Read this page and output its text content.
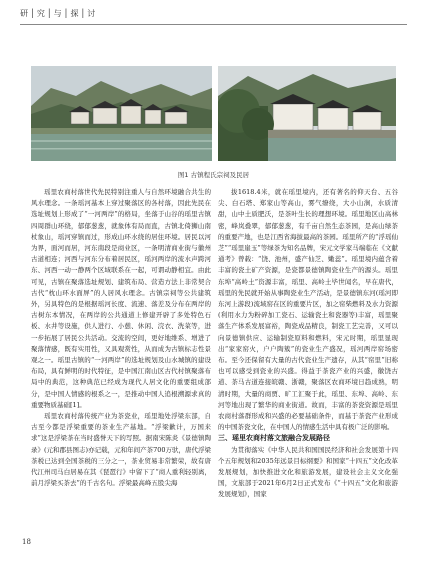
研│究│与│探│讨
图1 古镇程氏宗祠及民居

瑶里农商村落世代先民特别注重人与自然环境融合共生的风水理念。一条瑶河基本上穿过聚落区的各村落，因此先民在选址规划上形成了“一河两岸”的格局，坐落于山谷的瑶里古镇四周群山环绕，郁郁葱葱，就象体有局而直，古镇北倚狮山南杖象山，瑶河穿镇而过，形成山环水绕的居住环境。居民以河为界，面河而居，河东南段是商业区，一条明清商业街与徽州古道相连；河西与河东分布着居民区，瑶河两岸的流水声跨河东、河西一动一静两个区域联系在一起，可谓动静相宜。由此可见，古镇在聚落选址规划、建筑布局、营造方法上非常契合古代“枕山环水面屏”的人居风水理念。古镇宗祠等公共建筑外，另具特色的是根据瑶河长度、流速、落差及分布在两岸的古树东本情况，在两岸的公共通道上修建开辟了多处特色石板、水井等设施，供人进行、小憩、休闲、浣衣、洗菜等，进一步拓展了居民公共活动。交流的空间，更好地维系、增进了聚落情感，既有实用性，又具观赏性，从而成为古镇标志性景观之一。瑶里古镇的“一河两岸”的选址规划及山水城镇的建设布局，具有鲜明的时代特征，是中国江南山区古代村镇聚落布局中的典范，这种典范已经成为现代人居文化的重要组成部分，是中国人情感的根系之一，是推动中国人追根溯源求真的重要物质基础[1]。

瑶里农商村落传统产业为茶瓷业，瑶里地处浮梁东部，自古至今都是浮梁重要的茶业生产基地。“浮梁歉计，万国来求”这是浮梁茶在当时盛誉天下的写照。据南宋陈炎《景德镇陶录》(元和郡县图志)亦记载，元和年间产茶700万驮，唐代浮梁茶税已达到全国茶税的三分之一，茶业贸易非常繁荣，故有唐代江州司马白居易在其《琵琶行》中留下了“商人重利轻别离，前月浮梁买茶去”的千古名句。浮梁最高峰五股尖海

拔1618.4米，就在瑶里境内，还有著名的仰天台、五谷尖、白石塔、郑家山等高山，雾气缭绕，大小山涧，水质清甜，山中土质肥沃，是茶叶生长的理想环境。瑶里地区山高林密，峰岚叠翠，郁郁葱葱，有千亩自然生态茶园，是高山绿茶的重要产地，也是江西省海拔最高的茶园。瑶里所产的“浮瑶仙芝”“瑶里崖玉”等绿茶为知名品牌，宋元文学家马端临在《文献通考》曾载：“饶、池州，盛产仙芝、嫩蕊”。瑶里境内蕴含着丰富的瓷土矿产资源，是瓷都景德镇陶瓷业生产的源头。瑶里东埠“高岭土”资源丰富，瑶里、高岭土毕世闻名，早在唐代，瑶里的先民就开始从事陶瓷业生产活动，是景德镇东河(瑶河即东河上游段)流域窑在区的重要片区，加之窑柴燃料及水力资源(利用水力为粉碎加工瓷石、运输瓷土和瓷器等)丰富，瑶里聚落生产体系发展富裕，陶瓷成品精良，制瓷工艺完善，又可以向景德镇供应、运输制瓷原料和燃料，宋元时期，瑶里显现出“家家窑火，户户陶簇”的瓷业生产盛况，瑶河两岸窑场密布。至今还保留有大量的古代瓷业生产遗存，从其“窑里”旧称也可以感受到瓷业的兴盛。得益于茶瓷产业的兴盛，徽饶古道、茶马古道连接皖赣、浙赣，聚落区农商环境日趋成熟，明清时期，大量的商贾、旷工汇聚于此，瑶里、东埠、高岭、东河等地出现了繁华的商业街道。故而，丰富的茶瓷资源是瑶里农商村落群形成和兴盛的必要基础条件，而基于茶瓷产业形成的中国茶瓷文化，在中国人的情感生活中具有极广泛的影响。

三、瑶里农商村落文旅融合发展路径

为贯彻落实《中华人民共和国国民经济和社会发展第十四个五年规划和2035年远景目标纲要》和国家“十四五”文化改革发展规划，加快推进文化和旅游发展，建设社会主义文化强国，文旅部于2021年6月2日正式发布《“十四五”文化和旅游发展规划》，国家

18
